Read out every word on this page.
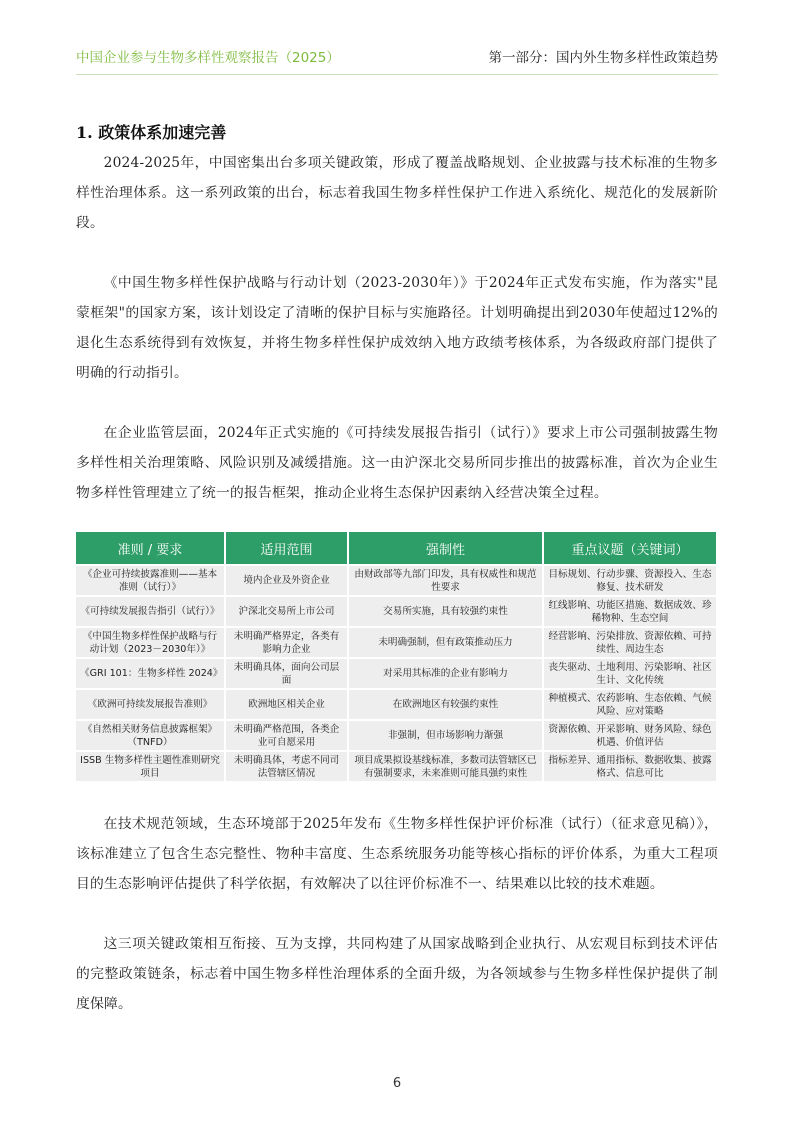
中国企业参与生物多样性观察报告（2025）	第一部分：国内外生物多样性政策趋势
1. 政策体系加速完善

2024-2025年，中国密集出台多项关键政策，形成了覆盖战略规划、企业披露与技术标准的生物多样性治理体系。这一系列政策的出台，标志着我国生物多样性保护工作进入系统化、规范化的发展新阶段。

《中国生物多样性保护战略与行动计划（2023-2030年）》于2024年正式发布实施，作为落实"昆蒙框架"的国家方案，该计划设定了清晰的保护目标与实施路径。计划明确提出到2030年使超过12%的退化生态系统得到有效恢复，并将生物多样性保护成效纳入地方政绩考核体系，为各级政府部门提供了明确的行动指引。

在企业监管层面，2024年正式实施的《可持续发展报告指引（试行）》要求上市公司强制披露生物多样性相关治理策略、风险识别及减缓措施。这一由沪深北交易所同步推出的披露标准，首次为企业生物多样性管理建立了统一的报告框架，推动企业将生态保护因素纳入经营决策全过程。

准则 / 要求	适用范围	强制性	重点议题（关键词）
《企业可持续披露准则——基本准则（试行）》	境内企业及外资企业	由财政部等九部门印发，具有权威性和规范性要求	目标规划、行动步骤、资源投入、生态修复、技术研发
《可持续发展报告指引（试行）》	沪深北交易所上市公司	交易所实施，具有较强约束性	红线影响、功能区措施、数据成效、珍稀物种、生态空间
《中国生物多样性保护战略与行动计划（2023－2030年）》	未明确严格界定，各类有影响力企业	未明确强制，但有政策推动压力	经营影响、污染排放、资源依赖、可持续性、周边生态
《GRI 101：生物多样性 2024》	未明确具体，面向公司层面	对采用其标准的企业有影响力	丧失驱动、土地利用、污染影响、社区生计、文化传统
《欧洲可持续发展报告准则》	欧洲地区相关企业	在欧洲地区有较强约束性	种植模式、农药影响、生态依赖、气候风险、应对策略
《自然相关财务信息披露框架》（TNFD）	未明确严格范围，各类企业可自愿采用	非强制，但市场影响力渐强	资源依赖、开采影响、财务风险、绿色机遇、价值评估
ISSB 生物多样性主题性准则研究项目	未明确具体，考虑不同司法管辖区情况	项目成果拟设基线标准，多数司法管辖区已有强制要求，未来准则可能具强约束性	指标差异、通用指标、数据收集、披露格式、信息可比

在技术规范领域，生态环境部于2025年发布《生物多样性保护评价标准（试行）（征求意见稿）》，该标准建立了包含生态完整性、物种丰富度、生态系统服务功能等核心指标的评价体系，为重大工程项目的生态影响评估提供了科学依据，有效解决了以往评价标准不一、结果难以比较的技术难题。

这三项关键政策相互衔接、互为支撑，共同构建了从国家战略到企业执行、从宏观目标到技术评估的完整政策链条，标志着中国生物多样性治理体系的全面升级，为各领域参与生物多样性保护提供了制度保障。

6
